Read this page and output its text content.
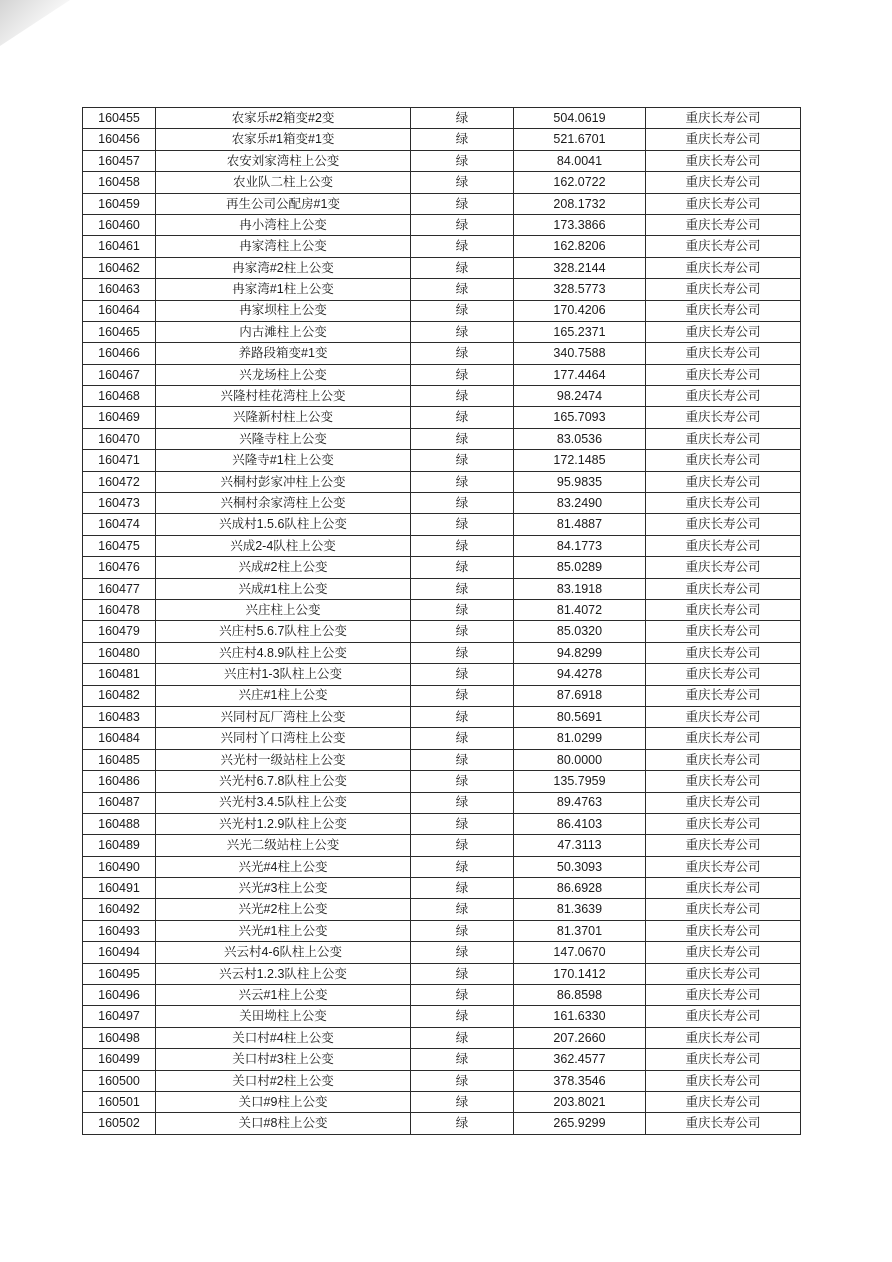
160455	农家乐#2箱变#2变	绿	504.0619	重庆长寿公司
160456	农家乐#1箱变#1变	绿	521.6701	重庆长寿公司
160457	农安刘家湾柱上公变	绿	84.0041	重庆长寿公司
160458	农业队二柱上公变	绿	162.0722	重庆长寿公司
160459	再生公司公配房#1变	绿	208.1732	重庆长寿公司
160460	冉小湾柱上公变	绿	173.3866	重庆长寿公司
160461	冉家湾柱上公变	绿	162.8206	重庆长寿公司
160462	冉家湾#2柱上公变	绿	328.2144	重庆长寿公司
160463	冉家湾#1柱上公变	绿	328.5773	重庆长寿公司
160464	冉家坝柱上公变	绿	170.4206	重庆长寿公司
160465	内古滩柱上公变	绿	165.2371	重庆长寿公司
160466	养路段箱变#1变	绿	340.7588	重庆长寿公司
160467	兴龙场柱上公变	绿	177.4464	重庆长寿公司
160468	兴隆村桂花湾柱上公变	绿	98.2474	重庆长寿公司
160469	兴隆新村柱上公变	绿	165.7093	重庆长寿公司
160470	兴隆寺柱上公变	绿	83.0536	重庆长寿公司
160471	兴隆寺#1柱上公变	绿	172.1485	重庆长寿公司
160472	兴桐村彭家冲柱上公变	绿	95.9835	重庆长寿公司
160473	兴桐村余家湾柱上公变	绿	83.2490	重庆长寿公司
160474	兴成村1.5.6队柱上公变	绿	81.4887	重庆长寿公司
160475	兴成2-4队柱上公变	绿	84.1773	重庆长寿公司
160476	兴成#2柱上公变	绿	85.0289	重庆长寿公司
160477	兴成#1柱上公变	绿	83.1918	重庆长寿公司
160478	兴庄柱上公变	绿	81.4072	重庆长寿公司
160479	兴庄村5.6.7队柱上公变	绿	85.0320	重庆长寿公司
160480	兴庄村4.8.9队柱上公变	绿	94.8299	重庆长寿公司
160481	兴庄村1-3队柱上公变	绿	94.4278	重庆长寿公司
160482	兴庄#1柱上公变	绿	87.6918	重庆长寿公司
160483	兴同村瓦厂湾柱上公变	绿	80.5691	重庆长寿公司
160484	兴同村丫口湾柱上公变	绿	81.0299	重庆长寿公司
160485	兴光村一级站柱上公变	绿	80.0000	重庆长寿公司
160486	兴光村6.7.8队柱上公变	绿	135.7959	重庆长寿公司
160487	兴光村3.4.5队柱上公变	绿	89.4763	重庆长寿公司
160488	兴光村1.2.9队柱上公变	绿	86.4103	重庆长寿公司
160489	兴光二级站柱上公变	绿	47.3113	重庆长寿公司
160490	兴光#4柱上公变	绿	50.3093	重庆长寿公司
160491	兴光#3柱上公变	绿	86.6928	重庆长寿公司
160492	兴光#2柱上公变	绿	81.3639	重庆长寿公司
160493	兴光#1柱上公变	绿	81.3701	重庆长寿公司
160494	兴云村4-6队柱上公变	绿	147.0670	重庆长寿公司
160495	兴云村1.2.3队柱上公变	绿	170.1412	重庆长寿公司
160496	兴云#1柱上公变	绿	86.8598	重庆长寿公司
160497	关田坳柱上公变	绿	161.6330	重庆长寿公司
160498	关口村#4柱上公变	绿	207.2660	重庆长寿公司
160499	关口村#3柱上公变	绿	362.4577	重庆长寿公司
160500	关口村#2柱上公变	绿	378.3546	重庆长寿公司
160501	关口#9柱上公变	绿	203.8021	重庆长寿公司
160502	关口#8柱上公变	绿	265.9299	重庆长寿公司
